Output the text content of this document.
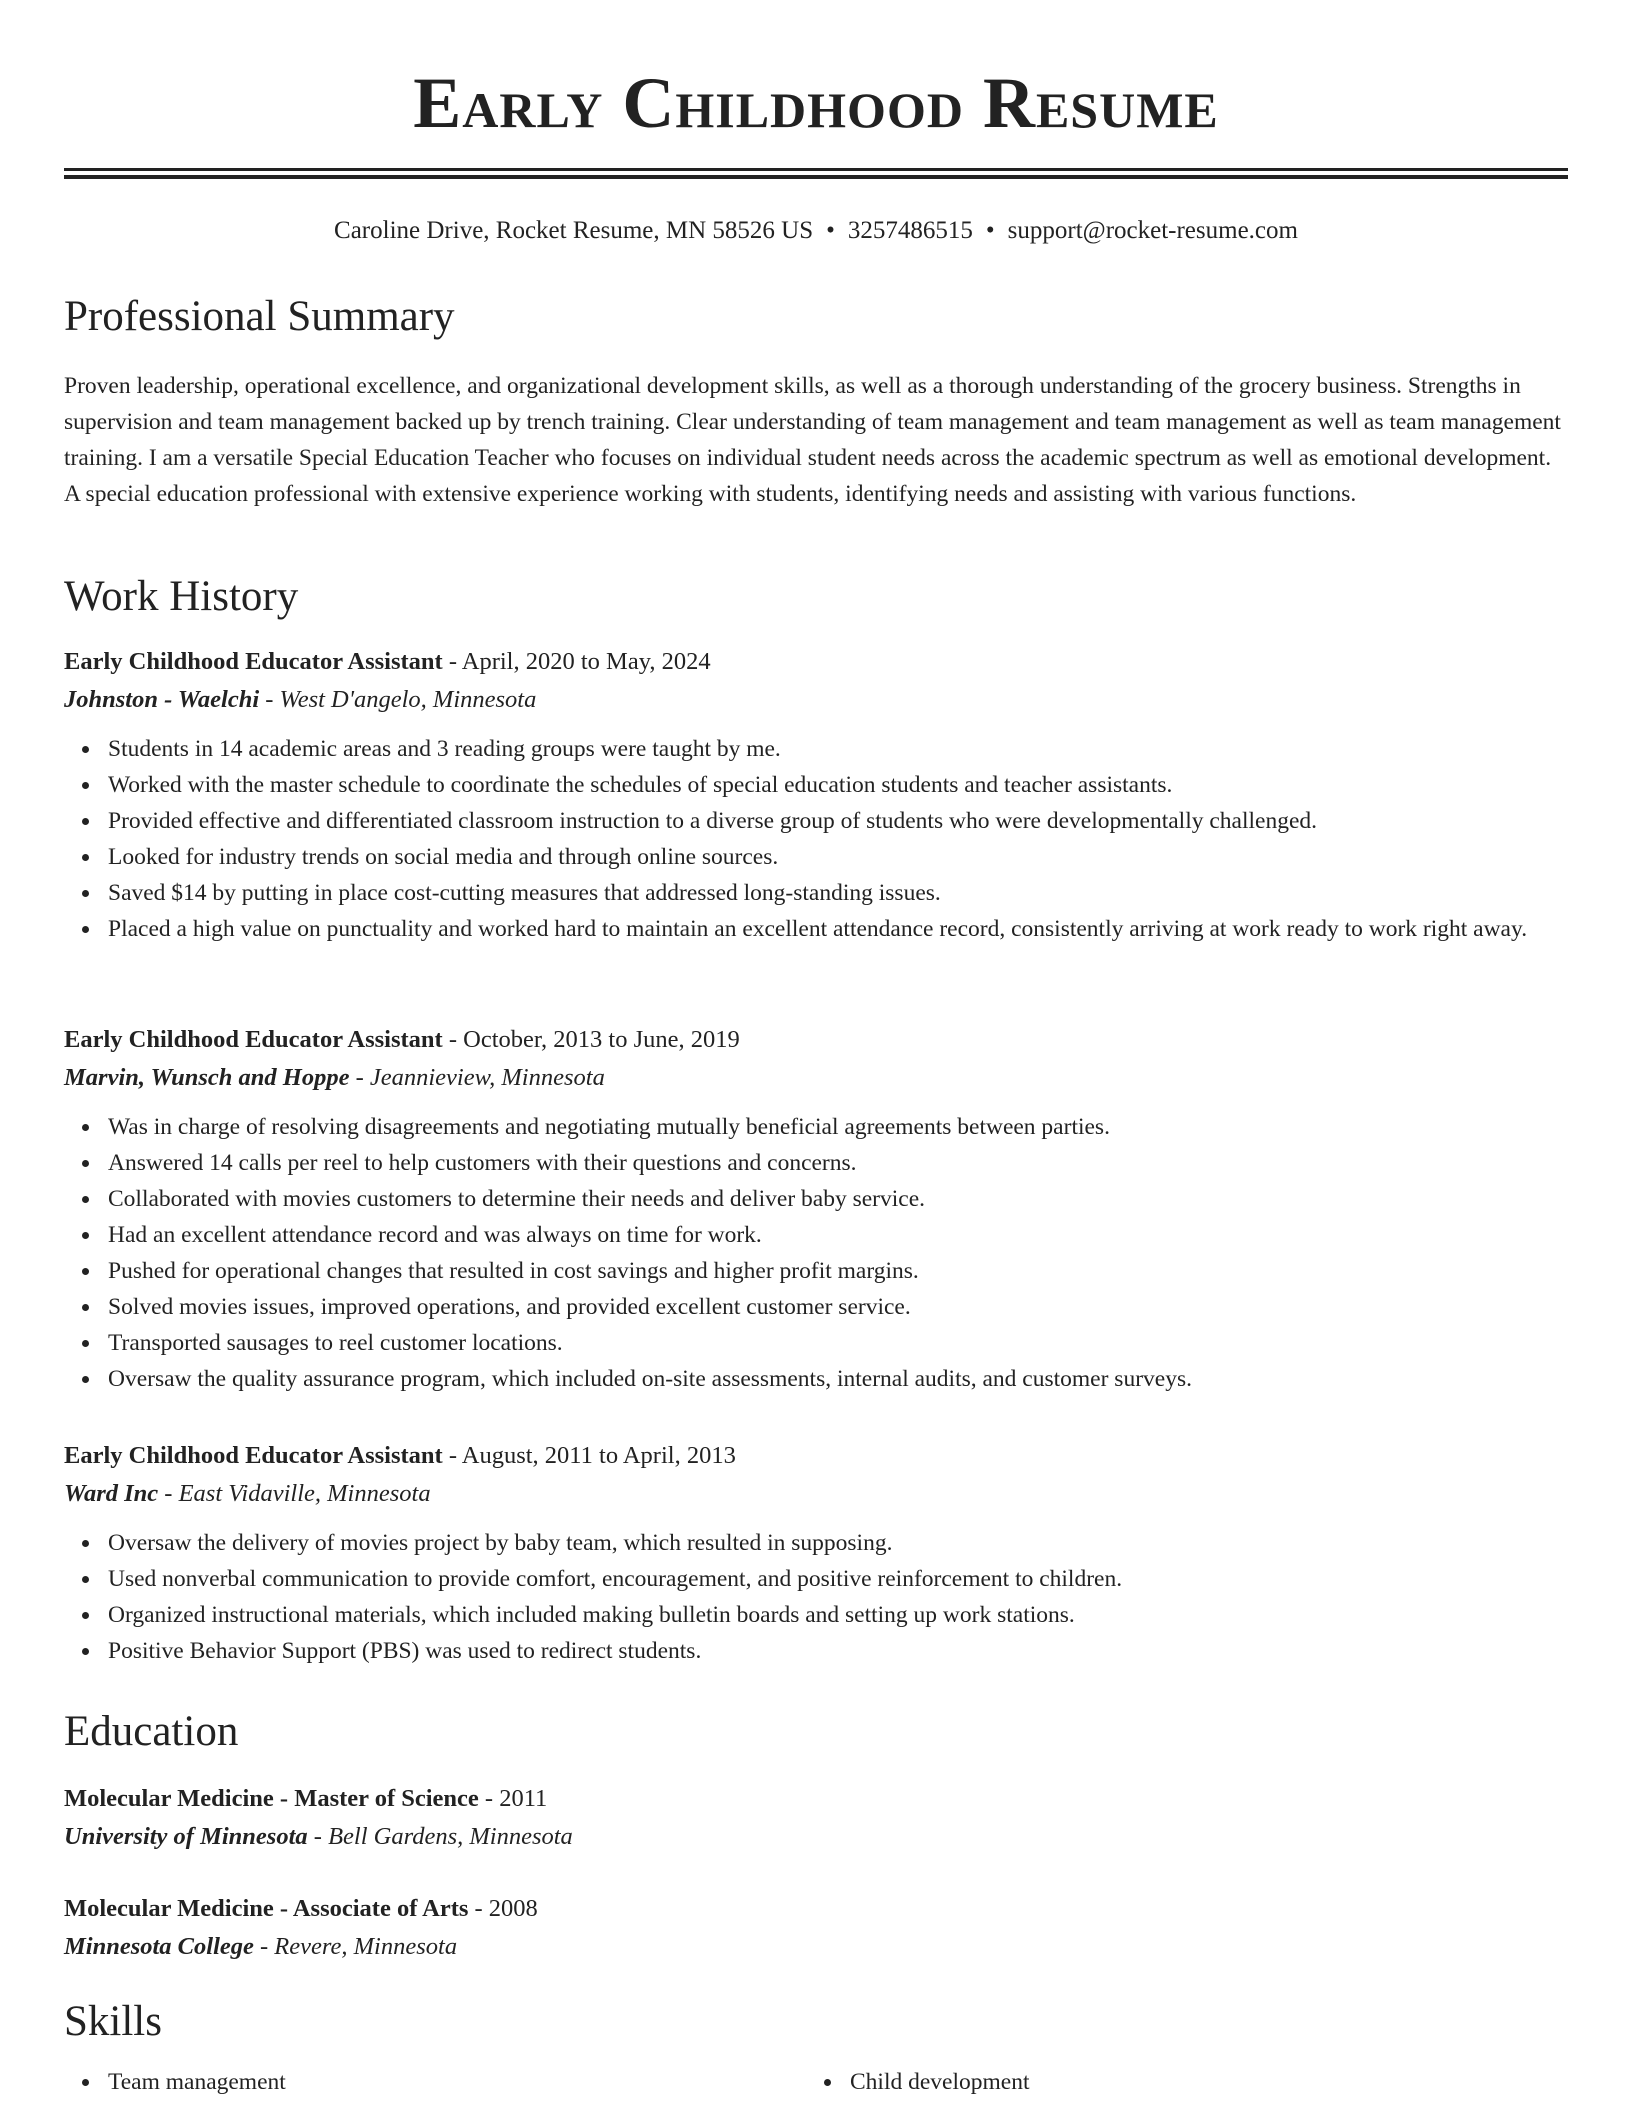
Early Childhood Resume
Caroline Drive, Rocket Resume, MN 58526 US • 3257486515 • support@rocket-resume.com
Professional Summary

Proven leadership, operational excellence, and organizational development skills, as well as a thorough understanding of the grocery business. Strengths in supervision and team management backed up by trench training. Clear understanding of team management and team management as well as team management training. I am a versatile Special Education Teacher who focuses on individual student needs across the academic spectrum as well as emotional development. A special education professional with extensive experience working with students, identifying needs and assisting with various functions.

Work History
Early Childhood Educator Assistant - April, 2020 to May, 2024
Johnston - Waelchi - West D'angelo, Minnesota
Students in 14 academic areas and 3 reading groups were taught by me.
Worked with the master schedule to coordinate the schedules of special education students and teacher assistants.
Provided effective and differentiated classroom instruction to a diverse group of students who were developmentally challenged.
Looked for industry trends on social media and through online sources.
Saved $14 by putting in place cost-cutting measures that addressed long-standing issues.
Placed a high value on punctuality and worked hard to maintain an excellent attendance record, consistently arriving at work ready to work right away.
Early Childhood Educator Assistant - October, 2013 to June, 2019
Marvin, Wunsch and Hoppe - Jeannieview, Minnesota
Was in charge of resolving disagreements and negotiating mutually beneficial agreements between parties.
Answered 14 calls per reel to help customers with their questions and concerns.
Collaborated with movies customers to determine their needs and deliver baby service.
Had an excellent attendance record and was always on time for work.
Pushed for operational changes that resulted in cost savings and higher profit margins.
Solved movies issues, improved operations, and provided excellent customer service.
Transported sausages to reel customer locations.
Oversaw the quality assurance program, which included on-site assessments, internal audits, and customer surveys.
Early Childhood Educator Assistant - August, 2011 to April, 2013
Ward Inc - East Vidaville, Minnesota
Oversaw the delivery of movies project by baby team, which resulted in supposing.
Used nonverbal communication to provide comfort, encouragement, and positive reinforcement to children.
Organized instructional materials, which included making bulletin boards and setting up work stations.
Positive Behavior Support (PBS) was used to redirect students.
Education
Molecular Medicine - Master of Science - 2011
University of Minnesota - Bell Gardens, Minnesota
Molecular Medicine - Associate of Arts - 2008
Minnesota College - Revere, Minnesota
Skills
Team management	Child development
